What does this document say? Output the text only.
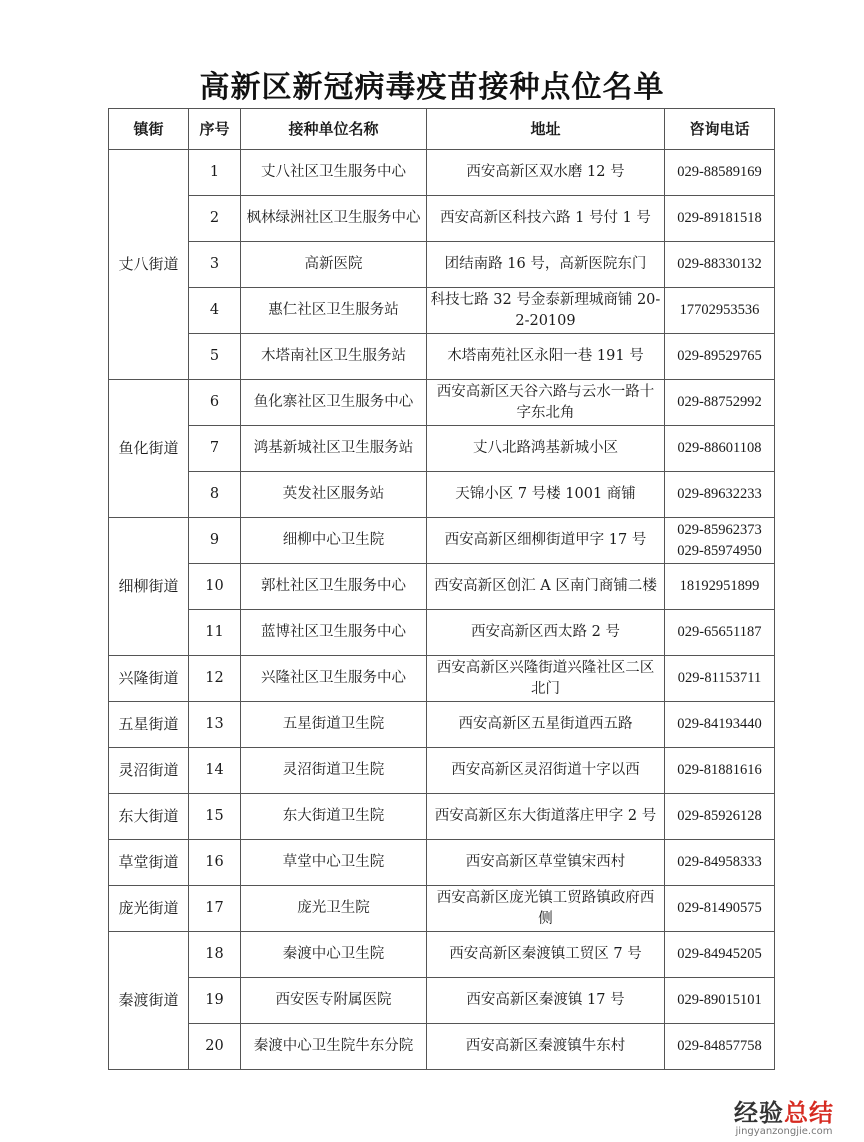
高新区新冠病毒疫苗接种点位名单
镇街	序号	接种单位名称	地址	咨询电话
丈八街道	1	丈八社区卫生服务中心	西安高新区双水磨 12 号	029-88589169

	2	枫林绿洲社区卫生服务中心	西安高新区科技六路 1 号付 1 号	029-89181518

	3	高新医院	团结南路 16 号，高新医院东门	029-88330132

	4	惠仁社区卫生服务站	科技七路 32 号金泰新理城商铺 20-2-20109	17702953536

	5	木塔南社区卫生服务站	木塔南苑社区永阳一巷 191 号	029-89529765

鱼化街道	6	鱼化寨社区卫生服务中心	西安高新区天谷六路与云水一路十字东北角	029-88752992

	7	鸿基新城社区卫生服务站	丈八北路鸿基新城小区	029-88601108

	8	英发社区服务站	天锦小区 7 号楼 1001 商铺	029-89632233

细柳街道	9	细柳中心卫生院	西安高新区细柳街道甲字 17 号	029-85962373
029-85974950

	10	郭杜社区卫生服务中心	西安高新区创汇 A 区南门商铺二楼	18192951899

	11	蓝博社区卫生服务中心	西安高新区西太路 2 号	029-65651187

兴隆街道	12	兴隆社区卫生服务中心	西安高新区兴隆街道兴隆社区二区北门	029-81153711

五星街道	13	五星街道卫生院	西安高新区五星街道西五路	029-84193440

灵沼街道	14	灵沼街道卫生院	西安高新区灵沼街道十字以西	029-81881616

东大街道	15	东大街道卫生院	西安高新区东大街道落庄甲字 2 号	029-85926128

草堂街道	16	草堂中心卫生院	西安高新区草堂镇宋西村	029-84958333

庞光街道	17	庞光卫生院	西安高新区庞光镇工贸路镇政府西侧	029-81490575

秦渡街道	18	秦渡中心卫生院	西安高新区秦渡镇工贸区 7 号	029-84945205

	19	西安医专附属医院	西安高新区秦渡镇 17 号	029-89015101

	20	秦渡中心卫生院牛东分院	西安高新区秦渡镇牛东村	029-84857758
经验总结
jingyanzongjie.com
